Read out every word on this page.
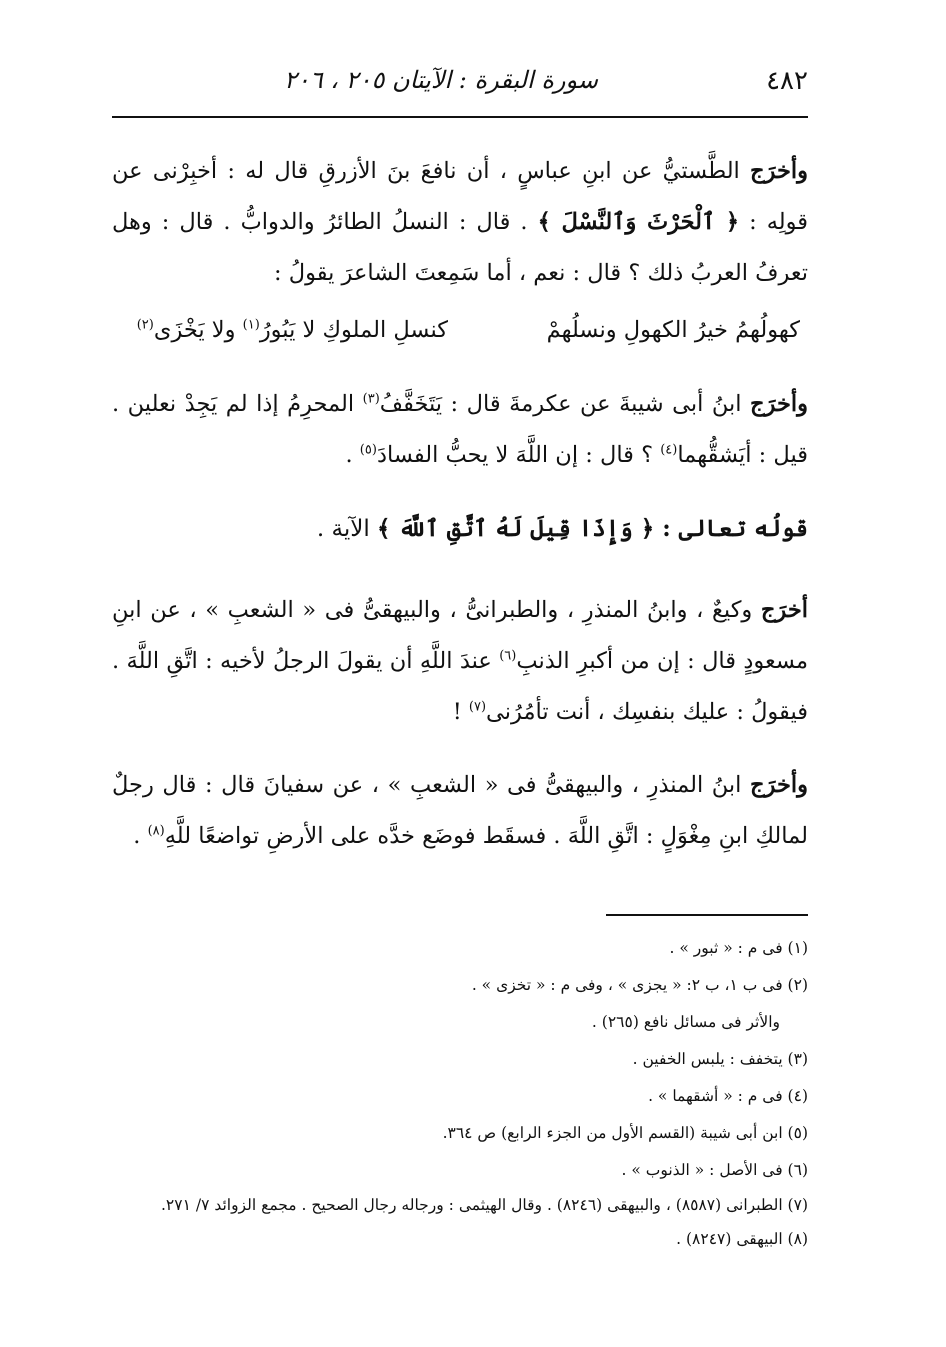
٤٨٢
سورة البقرة : الآيتان ٢٠٥ ، ٢٠٦

وأخرَج الطَّستيُّ عن ابنِ عباسٍ ، أن نافعَ بنَ الأزرقِ قال له : أخبِرْنى عن قولِه : ﴿ ٱلْحَرْثَ وَٱلنَّسْلَ ﴾ . قال : النسلُ الطائرُ والدوابُّ . قال : وهل تعرفُ العربُ ذلك ؟ قال : نعم ، أما سَمِعتَ الشاعرَ يقولُ :

كهولُهمُ خيرُ الكهولِ ونسلُهمْ
كنسلِ الملوكِ لا يَبُورُ$^{(١)}$ ولا يَخْزَى$^{(٢)}$

وأخرَج ابنُ أبى شيبةَ عن عكرمةَ قال : يَتَخَفَّفُ$^{(٣)}$ المحرِمُ إذا لم يَجِدْ نعلين . قيل : أيَشقُّهما$^{(٤)}$ ؟ قال : إن اللَّهَ لا يحبُّ الفسادَ$^{(٥)}$ .

قولُه تعالى : ﴿ وَإِذَا قِيلَ لَهُ ٱتَّقِ ٱللَّهَ ﴾ الآية .

أخرَج وكيعٌ ، وابنُ المنذرِ ، والطبرانىُّ ، والبيهقىُّ فى « الشعبِ » ، عن ابنِ مسعودٍ قال : إن من أكبرِ الذنبِ$^{(٦)}$ عندَ اللَّهِ أن يقولَ الرجلُ لأخيه : اتَّقِ اللَّهَ . فيقولُ : عليك بنفسِك ، أنت تأمُرُنى$^{(٧)}$ !

وأخرَج ابنُ المنذرِ ، والبيهقىُّ فى « الشعبِ » ، عن سفيانَ قال : قال رجلٌ لمالكِ ابنِ مِغْوَلٍ : اتَّقِ اللَّهَ . فسقَط فوضَع خدَّه على الأرضِ تواضعًا للَّهِ$^{(٨)}$ .

(١) فى م : « ثبور » .
(٢) فى ب ١، ب ٢: « يجزى » ، وفى م : « تخزى » .
والأثر فى مسائل نافع (٢٦٥) .
(٣) يتخفف : يلبس الخفين .
(٤) فى م : « أشقهما » .
(٥) ابن أبى شيبة (القسم الأول من الجزء الرابع) ص ٣٦٤.
(٦) فى الأصل : « الذنوب » .
(٧) الطبرانى (٨٥٨٧) ، والبيهقى (٨٢٤٦) . وقال الهيثمى : ورجاله رجال الصحيح . مجمع الزوائد ٧/ ٢٧١.
(٨) البيهقى (٨٢٤٧) .
